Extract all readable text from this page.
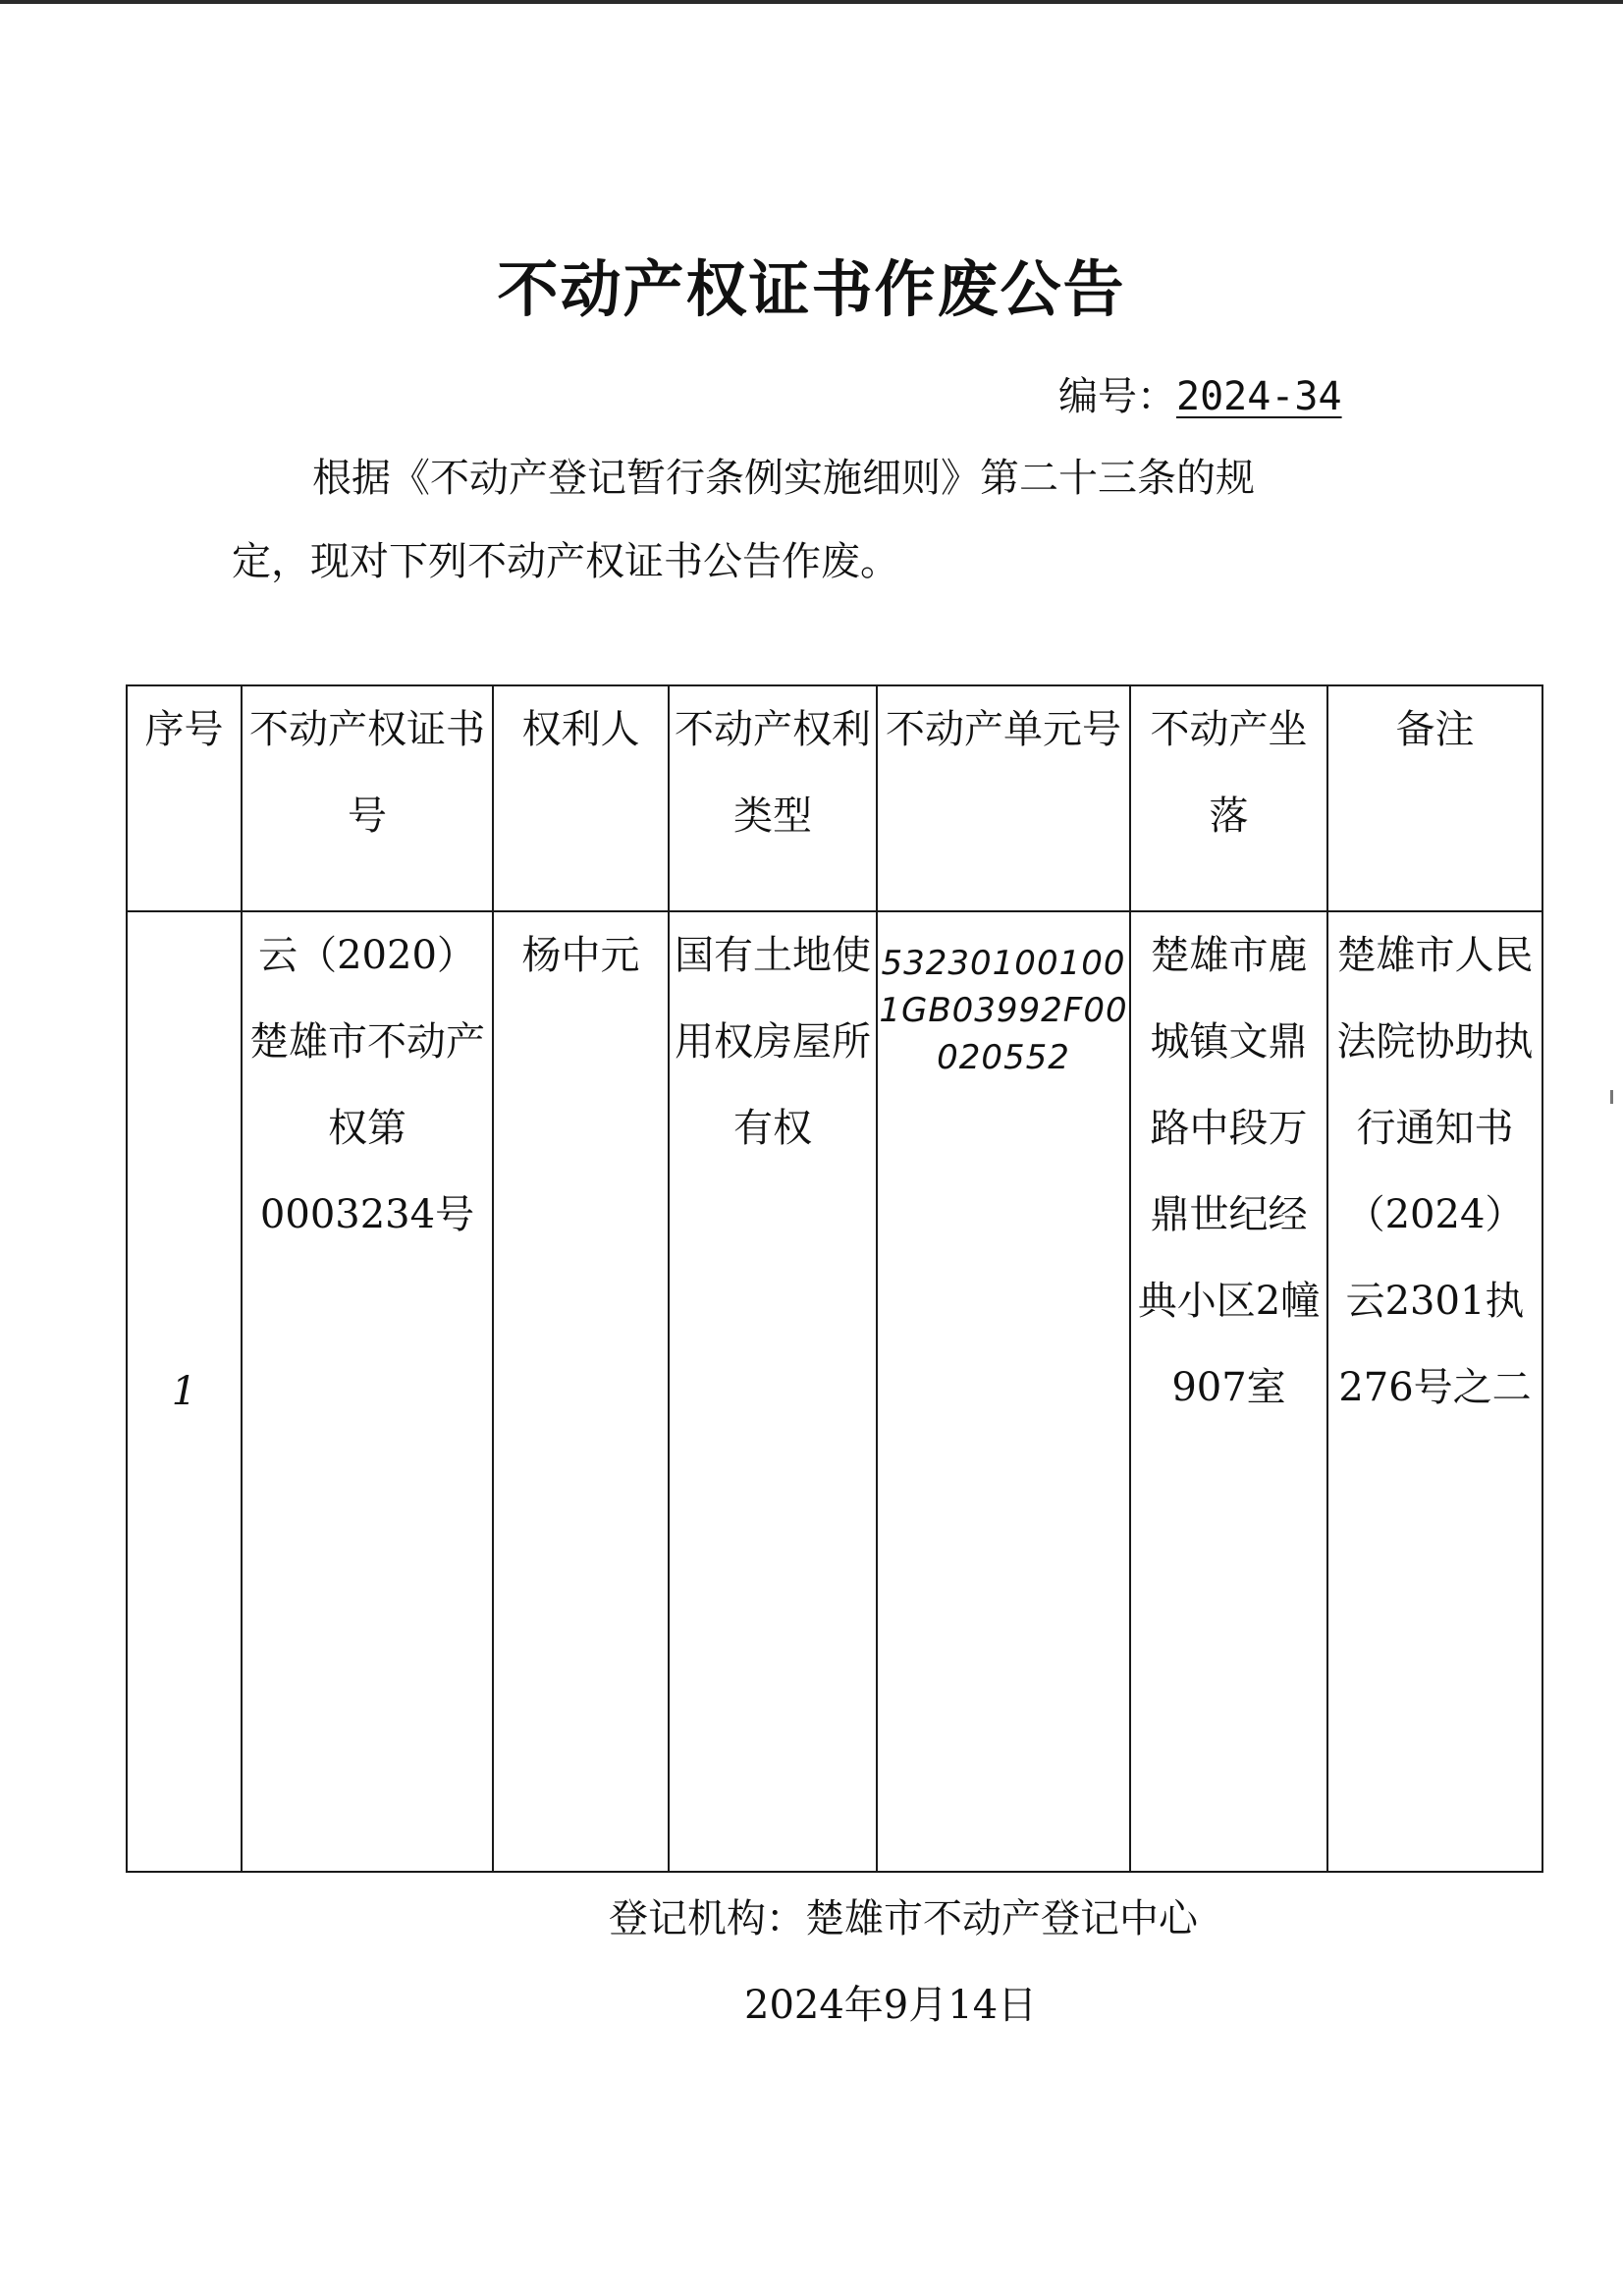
不动产权证书作废公告
编号：2024-34
根据《不动产登记暂行条例实施细则》第二十三条的规
定，现对下列不动产权证书公告作废。
序号	不动产权证书号	权利人	不动产权利类型	不动产单元号	不动产坐落	备注
1	云（2020）楚雄市不动产权第0003234号	杨中元	国有土地使用权房屋所有权	532301001001GB03992F00020552	楚雄市鹿城镇文鼎路中段万鼎世纪经典小区2幢907室	楚雄市人民法院协助执行通知书（2024）云2301执276号之二
登记机构：楚雄市不动产登记中心
2024年9月14日
